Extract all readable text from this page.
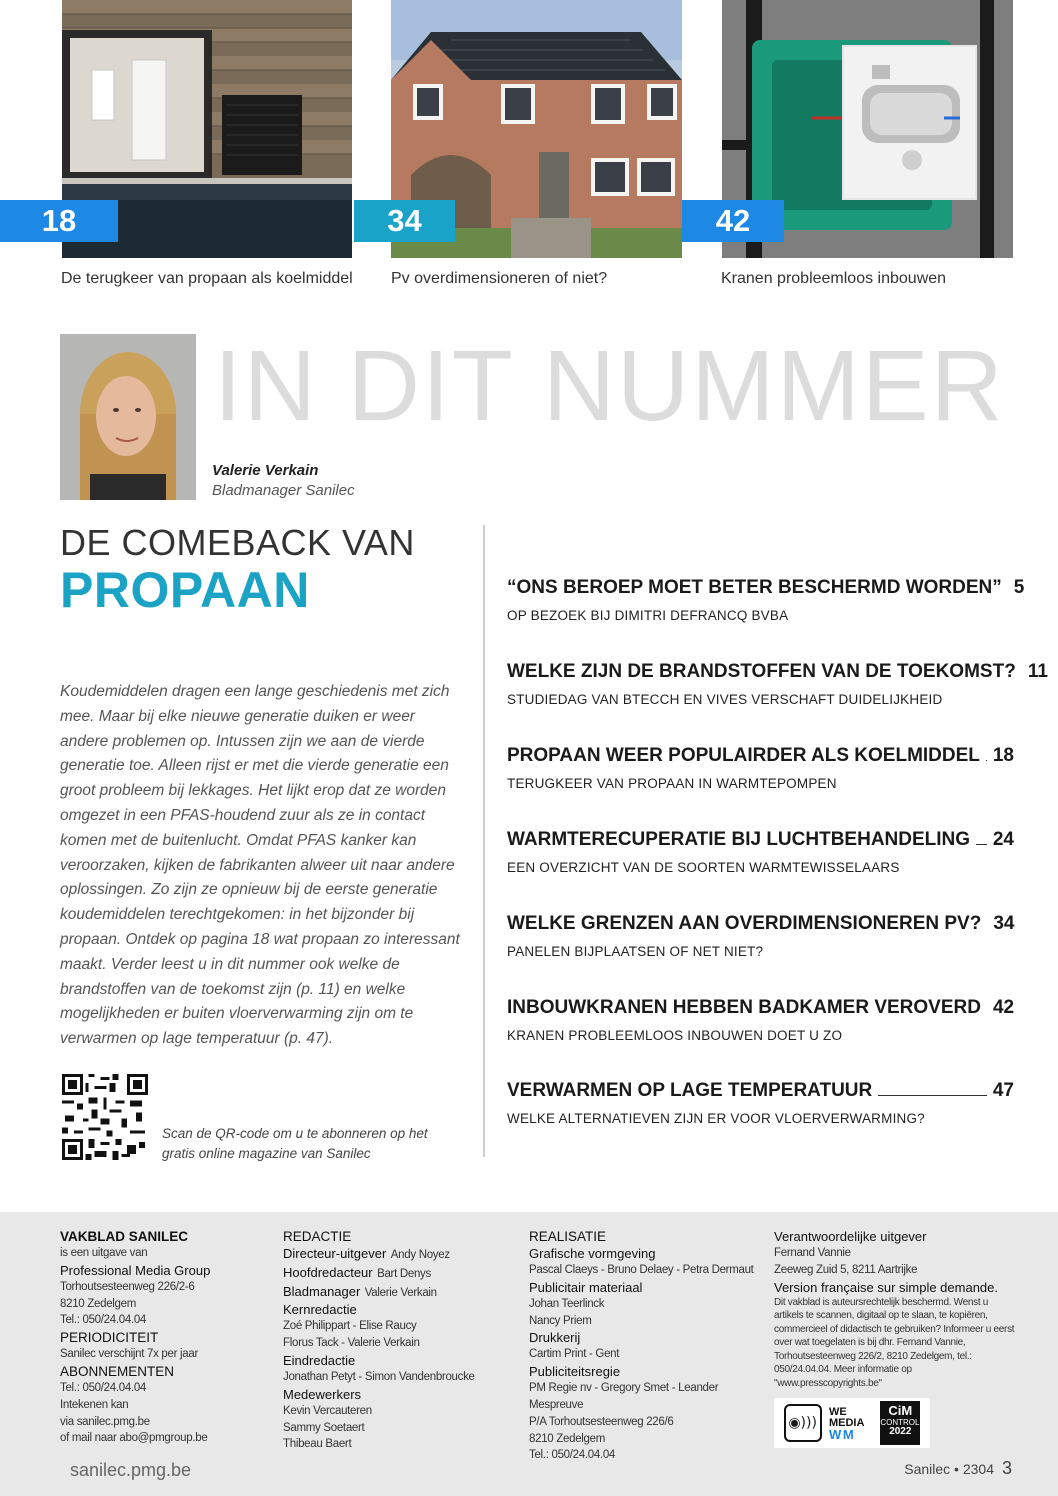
18
De terugkeer van propaan als koelmiddel
34
Pv overdimensioneren of niet?
42
Kranen probleemloos inbouwen
IN DIT NUMMER
Valerie Verkain
Bladmanager Sanilec
DE COMEBACK VAN
PROPAAN
Koudemiddelen dragen een lange geschiedenis met zich mee. Maar bij elke nieuwe generatie duiken er weer andere problemen op. Intussen zijn we aan de vierde generatie toe. Alleen rijst er met die vierde generatie een groot probleem bij lekkages. Het lijkt erop dat ze worden omgezet in een PFAS-houdend zuur als ze in contact komen met de buitenlucht. Omdat PFAS kanker kan veroorzaken, kijken de fabrikanten alweer uit naar andere oplossingen. Zo zijn ze opnieuw bij de eerste generatie koudemiddelen terechtgekomen: in het bijzonder bij propaan. Ontdek op pagina 18 wat propaan zo interessant maakt. Verder leest u in dit nummer ook welke de brandstoffen van de toekomst zijn (p. 11) en welke mogelijkheden er buiten vloerverwarming zijn om te verwarmen op lage temperatuur (p. 47).
Scan de QR-code om u te abonneren op het gratis online magazine van Sanilec
“ONS BEROEP MOET BETER BESCHERMD WORDEN” 5
OP BEZOEK BIJ DIMITRI DEFRANCQ BVBA
WELKE ZIJN DE BRANDSTOFFEN VAN DE TOEKOMST? 11
STUDIEDAG VAN BTECCH EN VIVES VERSCHAFT DUIDELIJKHEID
PROPAAN WEER POPULAIRDER ALS KOELMIDDEL 18
TERUGKEER VAN PROPAAN IN WARMTEPOMPEN
WARMTERECUPERATIE BIJ LUCHTBEHANDELING 24
EEN OVERZICHT VAN DE SOORTEN WARMTEWISSELAARS
WELKE GRENZEN AAN OVERDIMENSIONEREN PV? 34
PANELEN BIJPLAATSEN OF NET NIET?
INBOUWKRANEN HEBBEN BADKAMER VEROVERD 42
KRANEN PROBLEEMLOOS INBOUWEN DOET U ZO
VERWARMEN OP LAGE TEMPERATUUR	47
WELKE ALTERNATIEVEN ZIJN ER VOOR VLOERVERWARMING?
VAKBLAD SANILEC
is een uitgave van
Professional Media Group
Torhoutsesteenweg 226/2-6
8210 Zedelgem
Tel.: 050/24.04.04
PERIODICITEIT
Sanilec verschijnt 7x per jaar
ABONNEMENTEN
Tel.: 050/24.04.04
Intekenen kan
via sanilec.pmg.be
of mail naar abo@pmgroup.be
REDACTIE
Directeur-uitgever Andy Noyez
Hoofdredacteur Bart Denys
Bladmanager Valerie Verkain
Kernredactie
Zoé Philippart - Elise Raucy
Florus Tack - Valerie Verkain
Eindredactie
Jonathan Petyt - Simon Vandenbroucke
Medewerkers
Kevin Vercauteren
Sammy Soetaert
Thibeau Baert
REALISATIE
Grafische vormgeving
Pascal Claeys - Bruno Delaey - Petra Dermaut
Publicitair materiaal
Johan Teerlinck
Nancy Priem
Drukkerij
Cartim Print - Gent
Publiciteitsregie
PM Regie nv - Gregory Smet - Leander Mespreuve
P/A Torhoutsesteenweg 226/6
8210 Zedelgem
Tel.: 050/24.04.04
Verantwoordelijke uitgever
Fernand Vannie
Zeeweg Zuid 5, 8211 Aartrijke
Version française sur simple demande.
Dit vakblad is auteursrechtelijk beschermd. Wenst u artikels te scannen, digitaal op te slaan, te kopiëren, commercieel of didactisch te gebruiken? Informeer u eerst over wat toegelaten is bij dhr. Fernand Vannie, Torhoutsesteenweg 226/2, 8210 Zedelgem, tel.: 050/24.04.04. Meer informatie op "www.presscopyrights.be"
◉)))
WE
MEDIA
W M
CiM
CONTROLE
2022
sanilec.pmg.be	Sanilec • 2304 3
